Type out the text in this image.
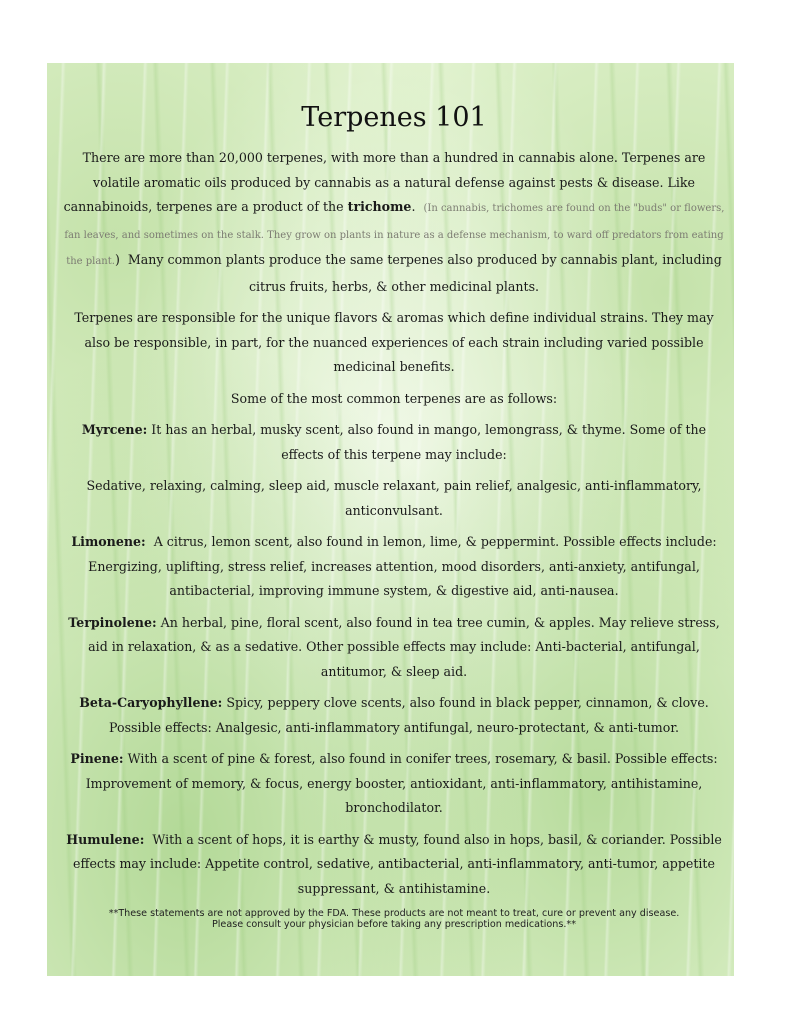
Terpenes 101

There are more than 20,000 terpenes, with more than a hundred in cannabis alone. Terpenes are volatile aromatic oils produced by cannabis as a natural defense against pests & disease. Like cannabinoids, terpenes are a product of the trichome. (In cannabis, trichomes are found on the "buds" or flowers, fan leaves, and sometimes on the stalk. They grow on plants in nature as a defense mechanism, to ward off predators from eating the plant.) Many common plants produce the same terpenes also produced by cannabis plant, including citrus fruits, herbs, & other medicinal plants.

Terpenes are responsible for the unique flavors & aromas which define individual strains. They may also be responsible, in part, for the nuanced experiences of each strain including varied possible medicinal benefits.

Some of the most common terpenes are as follows:

Myrcene: It has an herbal, musky scent, also found in mango, lemongrass, & thyme. Some of the effects of this terpene may include:

Sedative, relaxing, calming, sleep aid, muscle relaxant, pain relief, analgesic, anti-inflammatory, anticonvulsant.

Limonene: A citrus, lemon scent, also found in lemon, lime, & peppermint. Possible effects include: Energizing, uplifting, stress relief, increases attention, mood disorders, anti-anxiety, antifungal, antibacterial, improving immune system, & digestive aid, anti-nausea.

Terpinolene: An herbal, pine, floral scent, also found in tea tree cumin, & apples. May relieve stress, aid in relaxation, & as a sedative. Other possible effects may include: Anti-bacterial, antifungal, antitumor, & sleep aid.

Beta-Caryophyllene: Spicy, peppery clove scents, also found in black pepper, cinnamon, & clove. Possible effects: Analgesic, anti-inflammatory antifungal, neuro-protectant, & anti-tumor.

Pinene: With a scent of pine & forest, also found in conifer trees, rosemary, & basil. Possible effects: Improvement of memory, & focus, energy booster, antioxidant, anti-inflammatory, antihistamine, bronchodilator.

Humulene: With a scent of hops, it is earthy & musty, found also in hops, basil, & coriander. Possible effects may include: Appetite control, sedative, antibacterial, anti-inflammatory, anti-tumor, appetite suppressant, & antihistamine.

**These statements are not approved by the FDA. These products are not meant to treat, cure or prevent any disease.
Please consult your physician before taking any prescription medications.**
